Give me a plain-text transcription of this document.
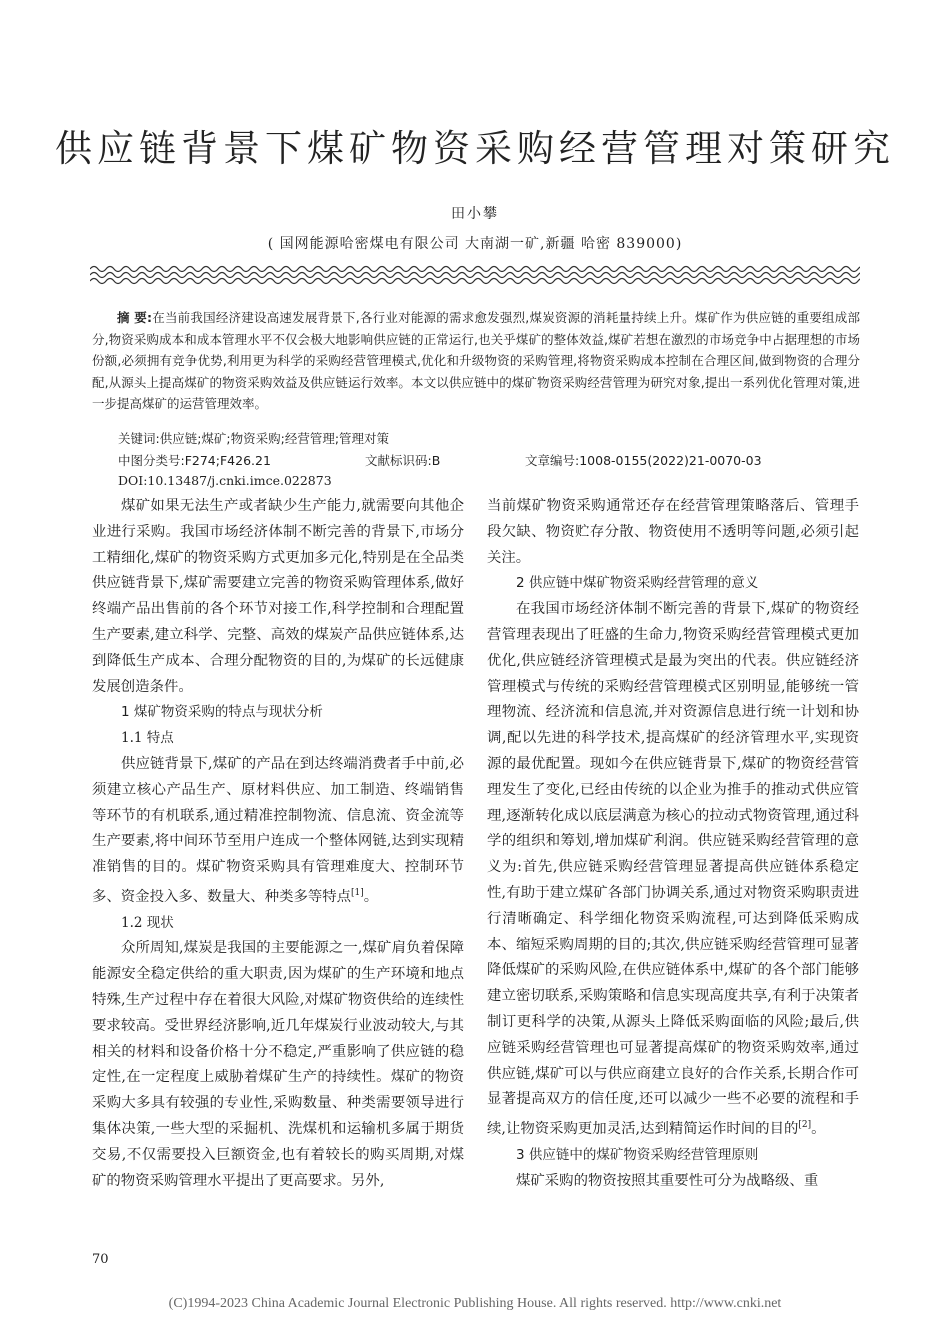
供应链背景下煤矿物资采购经营管理对策研究
田小攀
( 国网能源哈密煤电有限公司 大南湖一矿,新疆 哈密 839000)

摘 要:在当前我国经济建设高速发展背景下,各行业对能源的需求愈发强烈,煤炭资源的消耗量持续上升。煤矿作为供应链的重要组成部分,物资采购成本和成本管理水平不仅会极大地影响供应链的正常运行,也关乎煤矿的整体效益,煤矿若想在激烈的市场竞争中占据理想的市场份额,必须拥有竞争优势,利用更为科学的采购经营管理模式,优化和升级物资的采购管理,将物资采购成本控制在合理区间,做到物资的合理分配,从源头上提高煤矿的物资采购效益及供应链运行效率。本文以供应链中的煤矿物资采购经营管理为研究对象,提出一系列优化管理对策,进一步提高煤矿的运营管理效率。

关键词:供应链;煤矿;物资采购;经营管理;管理对策
中图分类号:F274;F426.21	文献标识码:B	文章编号:1008-0155(2022)21-0070-03
DOI:10.13487/j.cnki.imce.022873

煤矿如果无法生产或者缺少生产能力,就需要向其他企业进行采购。我国市场经济体制不断完善的背景下,市场分工精细化,煤矿的物资采购方式更加多元化,特别是在全品类供应链背景下,煤矿需要建立完善的物资采购管理体系,做好终端产品出售前的各个环节对接工作,科学控制和合理配置生产要素,建立科学、完整、高效的煤炭产品供应链体系,达到降低生产成本、合理分配物资的目的,为煤矿的长远健康发展创造条件。

1 煤矿物资采购的特点与现状分析

1.1 特点

供应链背景下,煤矿的产品在到达终端消费者手中前,必须建立核心产品生产、原材料供应、加工制造、终端销售等环节的有机联系,通过精准控制物流、信息流、资金流等生产要素,将中间环节至用户连成一个整体网链,达到实现精准销售的目的。煤矿物资采购具有管理难度大、控制环节多、资金投入多、数量大、种类多等特点[1]。

1.2 现状

众所周知,煤炭是我国的主要能源之一,煤矿肩负着保障能源安全稳定供给的重大职责,因为煤矿的生产环境和地点特殊,生产过程中存在着很大风险,对煤矿物资供给的连续性要求较高。受世界经济影响,近几年煤炭行业波动较大,与其相关的材料和设备价格十分不稳定,严重影响了供应链的稳定性,在一定程度上威胁着煤矿生产的持续性。煤矿的物资采购大多具有较强的专业性,采购数量、种类需要领导进行集体决策,一些大型的采掘机、洗煤机和运输机多属于期货交易,不仅需要投入巨额资金,也有着较长的购买周期,对煤矿的物资采购管理水平提出了更高要求。另外,

当前煤矿物资采购通常还存在经营管理策略落后、管理手段欠缺、物资贮存分散、物资使用不透明等问题,必须引起关注。

2 供应链中煤矿物资采购经营管理的意义

在我国市场经济体制不断完善的背景下,煤矿的物资经营管理表现出了旺盛的生命力,物资采购经营管理模式更加优化,供应链经济管理模式是最为突出的代表。供应链经济管理模式与传统的采购经营管理模式区别明显,能够统一管理物流、经济流和信息流,并对资源信息进行统一计划和协调,配以先进的科学技术,提高煤矿的经济管理水平,实现资源的最优配置。现如今在供应链背景下,煤矿的物资经营管理发生了变化,已经由传统的以企业为推手的推动式供应管理,逐渐转化成以底层满意为核心的拉动式物资管理,通过科学的组织和筹划,增加煤矿利润。供应链采购经营管理的意义为:首先,供应链采购经营管理显著提高供应链体系稳定性,有助于建立煤矿各部门协调关系,通过对物资采购职责进行清晰确定、科学细化物资采购流程,可达到降低采购成本、缩短采购周期的目的;其次,供应链采购经营管理可显著降低煤矿的采购风险,在供应链体系中,煤矿的各个部门能够建立密切联系,采购策略和信息实现高度共享,有利于决策者制订更科学的决策,从源头上降低采购面临的风险;最后,供应链采购经营管理也可显著提高煤矿的物资采购效率,通过供应链,煤矿可以与供应商建立良好的合作关系,长期合作可显著提高双方的信任度,还可以减少一些不必要的流程和手续,让物资采购更加灵活,达到精简运作时间的目的[2]。

3 供应链中的煤矿物资采购经营管理原则

煤矿采购的物资按照其重要性可分为战略级、重

70
(C)1994-2023 China Academic Journal Electronic Publishing House. All rights reserved. http://www.cnki.net
